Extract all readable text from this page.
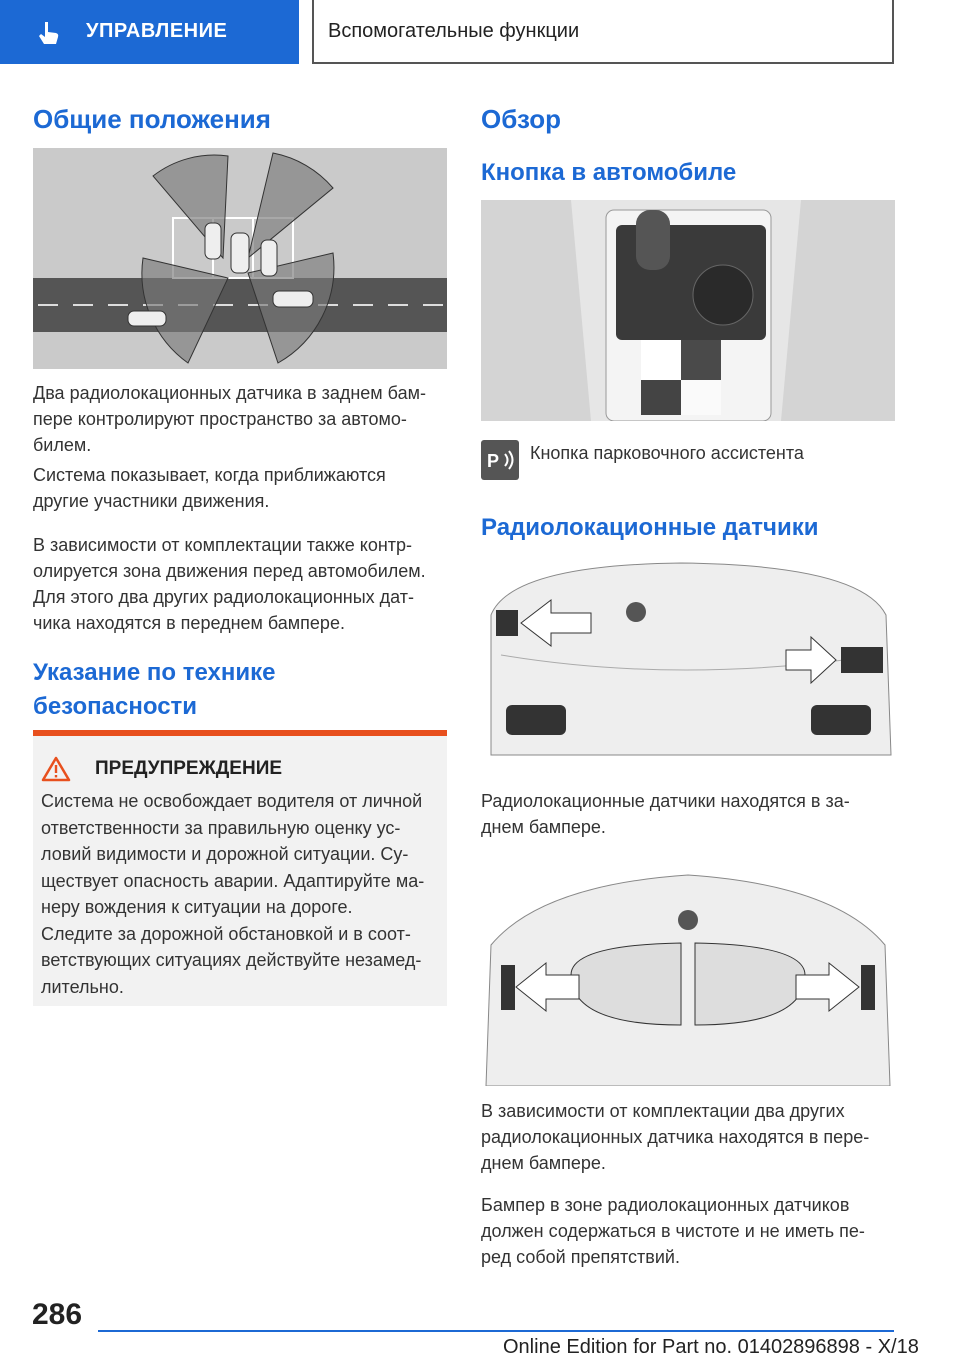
УПРАВЛЕНИЕ	Вспомогательные функции
Общие положения

Два радиолокационных датчика в заднем бам-
пере контролируют пространство за автомо-
билем.

Система показывает, когда приближаются
другие участники движения.

В зависимости от комплектации также контр-
олируется зона движения перед автомобилем.
Для этого два других радиолокационных дат-
чика находятся в переднем бампере.

Указание по технике
безопасности
ПРЕДУПРЕЖДЕНИЕ
Система не освобождает водителя от личной
ответственности за правильную оценку ус-
ловий видимости и дорожной ситуации. Су-
ществует опасность аварии. Адаптируйте ма-
неру вождения к ситуации на дороге.
Следите за дорожной обстановкой и в соот-
ветствующих ситуациях действуйте незамед-
лительно.
Обзор
Кнопка в автомобиле
P Кнопка парковочного ассистента

Радиолокационные датчики

Радиолокационные датчики находятся в за-
днем бампере.

В зависимости от комплектации два других
радиолокационных датчика находятся в пере-
днем бампере.

Бампер в зоне радиолокационных датчиков
должен содержаться в чистоте и не иметь пе-
ред собой препятствий.

286
Online Edition for Part no. 01402896898 - X/18
